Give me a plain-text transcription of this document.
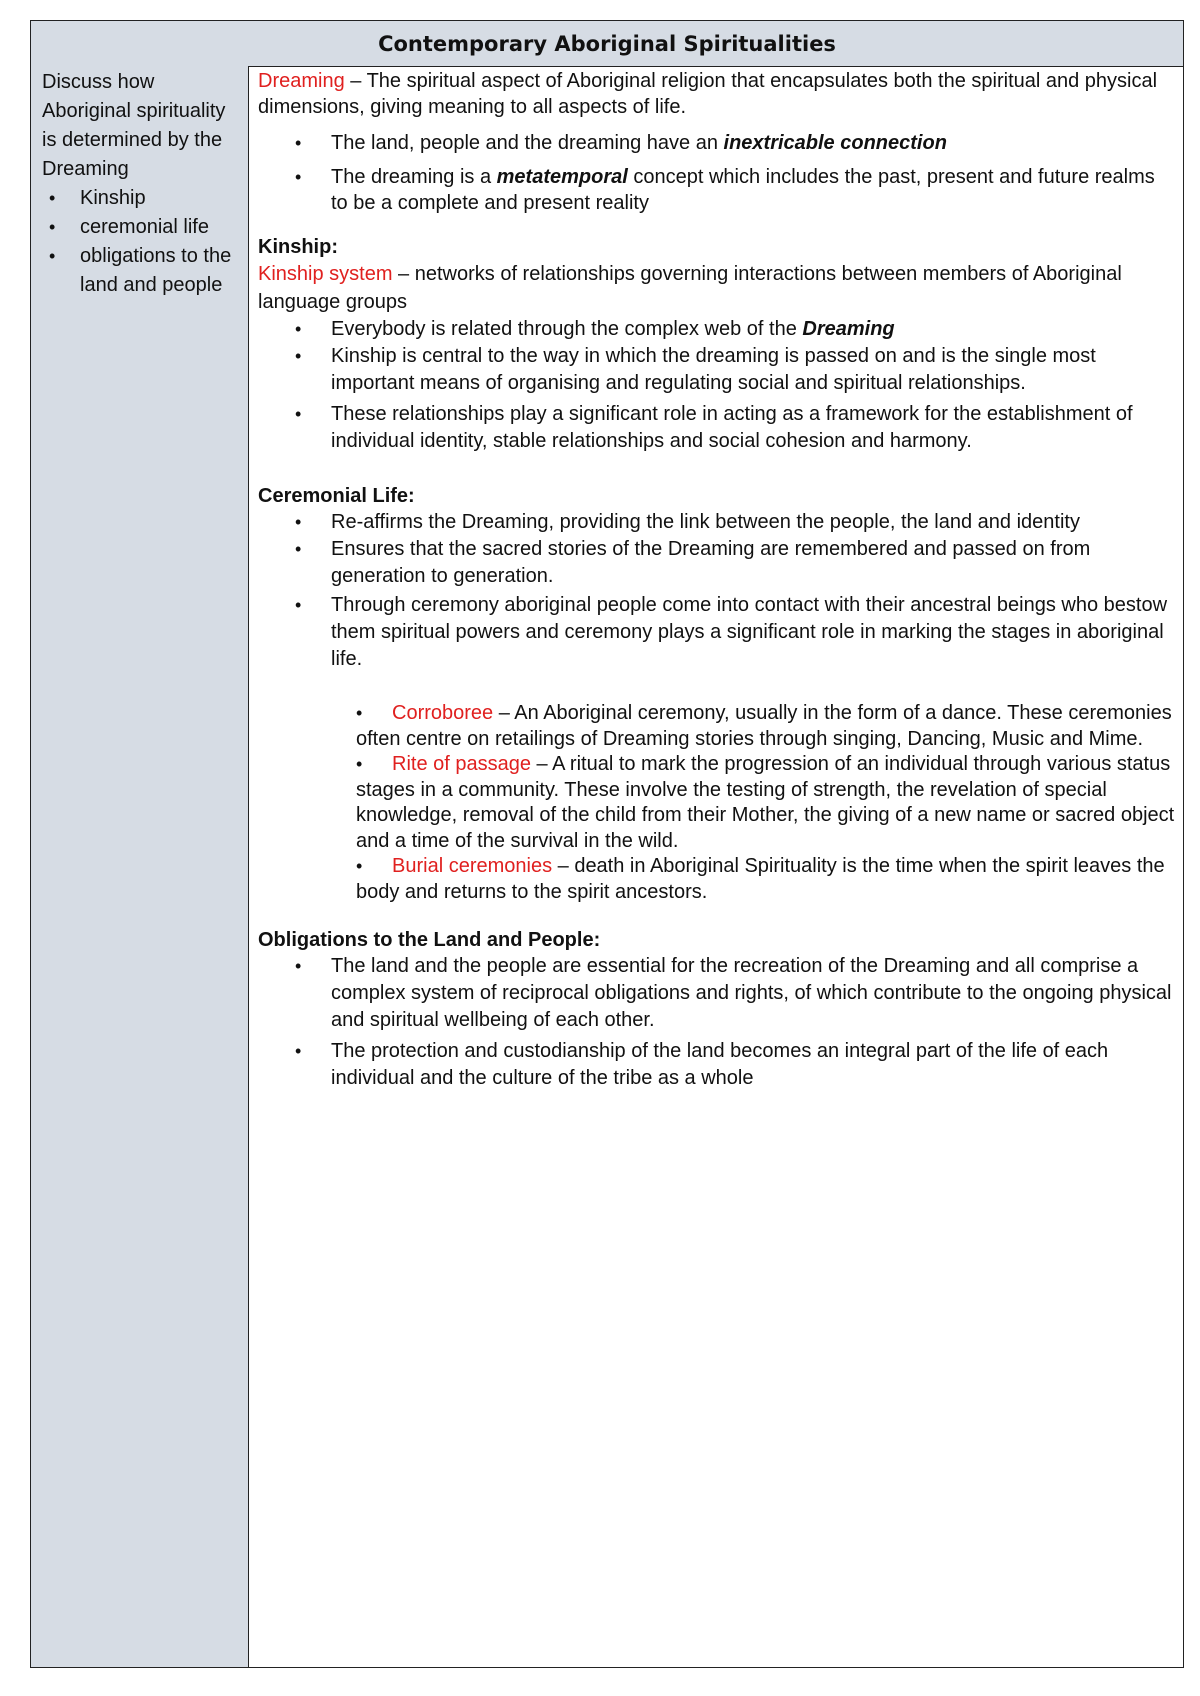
Contemporary Aboriginal Spiritualities
Discuss how Aboriginal spirituality is determined by the Dreaming
• Kinship
• ceremonial life
• obligations to the land and people

Dreaming – The spiritual aspect of Aboriginal religion that encapsulates both the spiritual and physical dimensions, giving meaning to all aspects of life.

• The land, people and the dreaming have an inextricable connection
• The dreaming is a metatemporal concept which includes the past, present and future realms to be a complete and present reality

Kinship:

Kinship system – networks of relationships governing interactions between members of Aboriginal language groups

• Everybody is related through the complex web of the Dreaming
• Kinship is central to the way in which the dreaming is passed on and is the single most important means of organising and regulating social and spiritual relationships.
• These relationships play a significant role in acting as a framework for the establishment of individual identity, stable relationships and social cohesion and harmony.

Ceremonial Life:

• Re-affirms the Dreaming, providing the link between the people, the land and identity
• Ensures that the sacred stories of the Dreaming are remembered and passed on from generation to generation.
• Through ceremony aboriginal people come into contact with their ancestral beings who bestow them spiritual powers and ceremony plays a significant role in marking the stages in aboriginal life.

• Corroboree – An Aboriginal ceremony, usually in the form of a dance. These ceremonies often centre on retailings of Dreaming stories through singing, Dancing, Music and Mime.

• Rite of passage – A ritual to mark the progression of an individual through various status stages in a community. These involve the testing of strength, the revelation of special knowledge, removal of the child from their Mother, the giving of a new name or sacred object and a time of the survival in the wild.

• Burial ceremonies – death in Aboriginal Spirituality is the time when the spirit leaves the body and returns to the spirit ancestors.

Obligations to the Land and People:

• The land and the people are essential for the recreation of the Dreaming and all comprise a complex system of reciprocal obligations and rights, of which contribute to the ongoing physical and spiritual wellbeing of each other.
• The protection and custodianship of the land becomes an integral part of the life of each individual and the culture of the tribe as a whole
